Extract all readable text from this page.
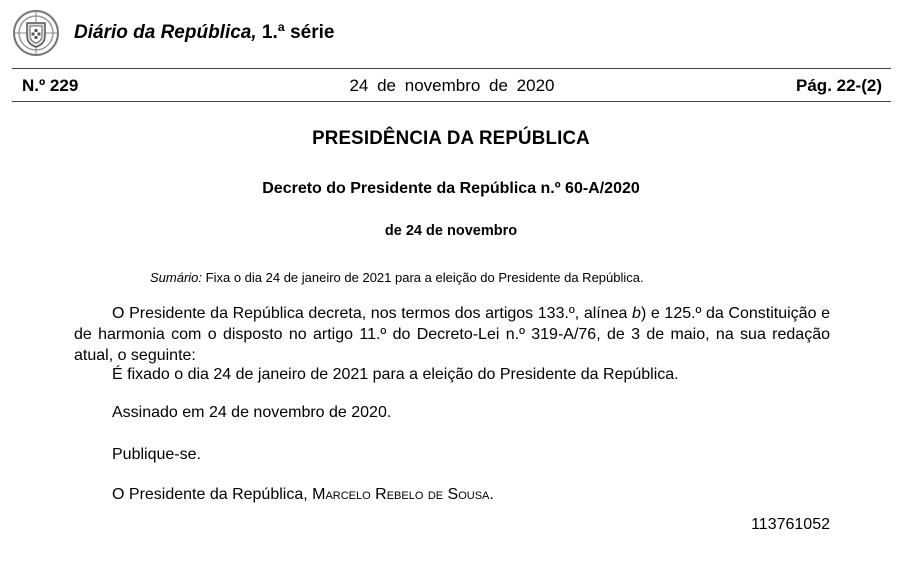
Diário da República, 1.ª série
N.º 229	24 de novembro de 2020	Pág. 22-(2)
PRESIDÊNCIA DA REPÚBLICA
Decreto do Presidente da República n.º 60-A/2020
de 24 de novembro
Sumário: Fixa o dia 24 de janeiro de 2021 para a eleição do Presidente da República.
O Presidente da República decreta, nos termos dos artigos 133.º, alínea b) e 125.º da Constituição e de harmonia com o disposto no artigo 11.º do Decreto-Lei n.º 319-A/76, de 3 de maio, na sua redação atual, o seguinte:
É fixado o dia 24 de janeiro de 2021 para a eleição do Presidente da República.
Assinado em 24 de novembro de 2020.
Publique-se.
O Presidente da República, Marcelo Rebelo de Sousa.
113761052
